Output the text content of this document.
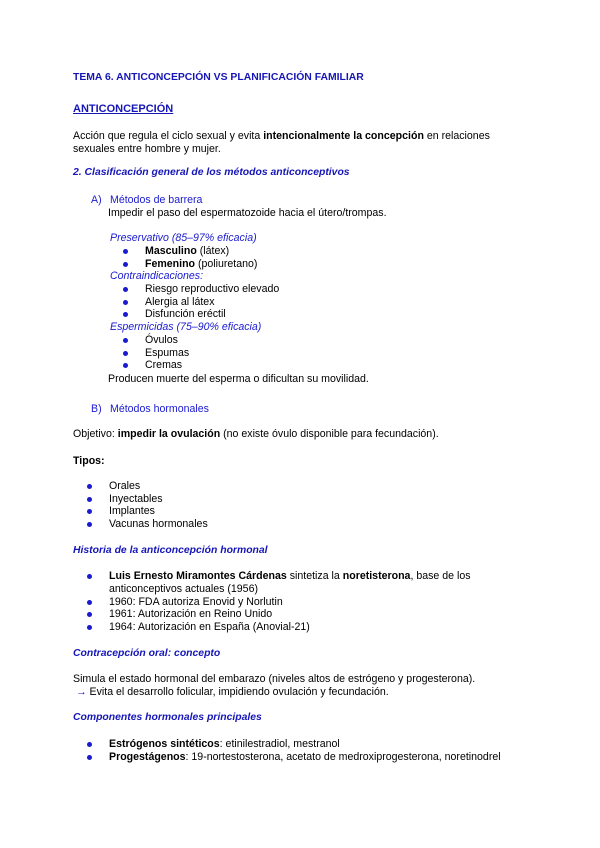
TEMA 6. ANTICONCEPCIÓN VS PLANIFICACIÓN FAMILIAR
ANTICONCEPCIÓN
Acción que regula el ciclo sexual y evita intencionalmente la concepción en relaciones
sexuales entre hombre y mujer.
2. Clasificación general de los métodos anticonceptivos
A) Métodos de barrera
Impedir el paso del espermatozoide hacia el útero/trompas.
Preservativo (85–97% eficacia)
Masculino (látex)
Femenino (poliuretano)
Contraindicaciones:
Riesgo reproductivo elevado
Alergia al látex
Disfunción eréctil
Espermicidas (75–90% eficacia)
Óvulos
Espumas
Cremas
Producen muerte del esperma o dificultan su movilidad.
B) Métodos hormonales
Objetivo: impedir la ovulación (no existe óvulo disponible para fecundación).
Tipos:
Orales
Inyectables
Implantes
Vacunas hormonales
Historia de la anticoncepción hormonal
Luis Ernesto Miramontes Cárdenas sintetiza la noretisterona, base de los
anticonceptivos actuales (1956)
1960: FDA autoriza Enovid y Norlutin
1961: Autorización en Reino Unido
1964: Autorización en España (Anovial-21)
Contracepción oral: concepto
Simula el estado hormonal del embarazo (niveles altos de estrógeno y progesterona).
→ Evita el desarrollo folicular, impidiendo ovulación y fecundación.
Componentes hormonales principales
Estrógenos sintéticos: etinilestradiol, mestranol
Progestágenos: 19-nortestosterona, acetato de medroxiprogesterona, noretinodrel
